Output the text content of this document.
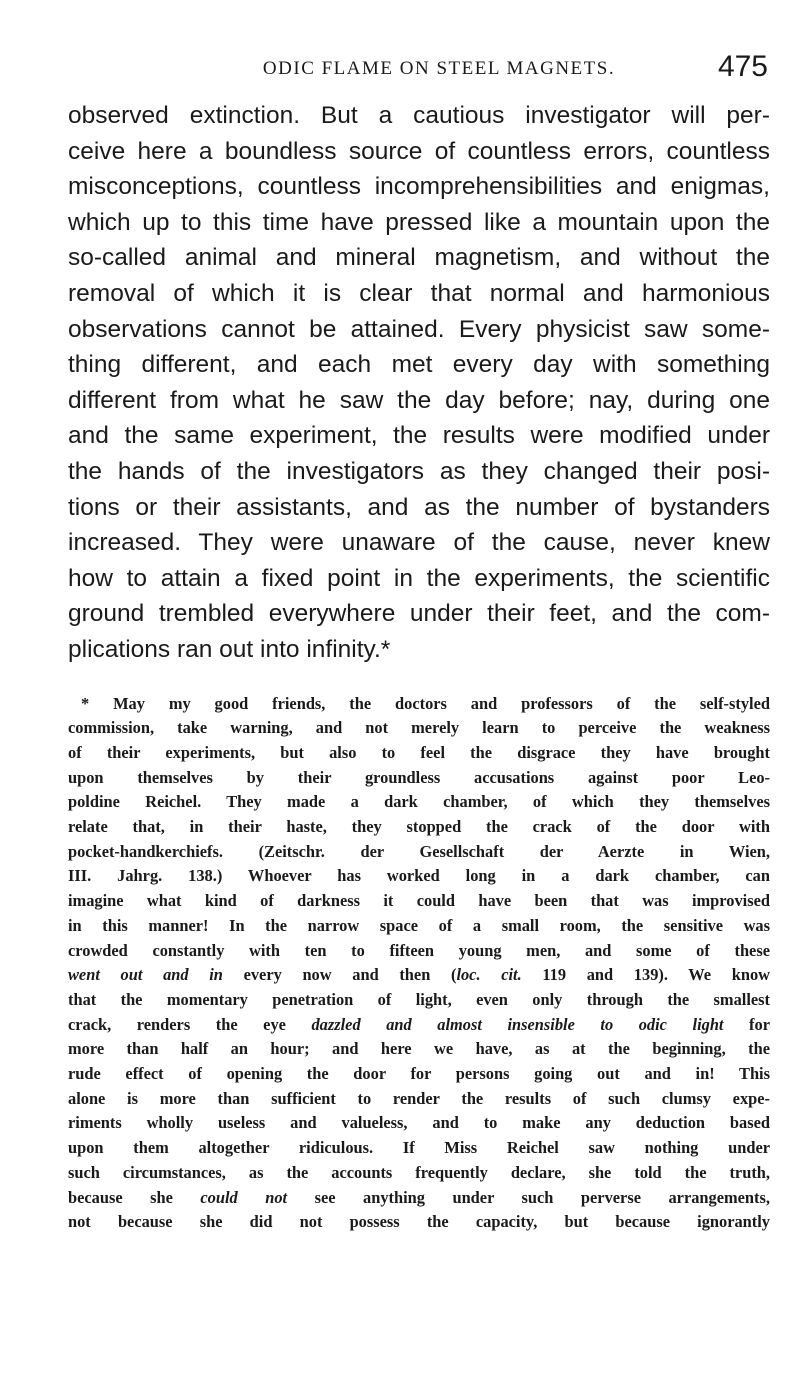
ODIC FLAME ON STEEL MAGNETS.	475
observed extinction. But a cautious investigator will per-
ceive here a boundless source of countless errors, countless
misconceptions, countless incomprehensibilities and enigmas,
which up to this time have pressed like a mountain upon the
so-called animal and mineral magnetism, and without the
removal of which it is clear that normal and harmonious
observations cannot be attained. Every physicist saw some-
thing different, and each met every day with something
different from what he saw the day before; nay, during one
and the same experiment, the results were modified under
the hands of the investigators as they changed their posi-
tions or their assistants, and as the number of bystanders
increased. They were unaware of the cause, never knew
how to attain a fixed point in the experiments, the scientific
ground trembled everywhere under their feet, and the com-
plications ran out into infinity.*
* May my good friends, the doctors and professors of the self-styled
commission, take warning, and not merely learn to perceive the weakness
of their experiments, but also to feel the disgrace they have brought
upon themselves by their groundless accusations against poor Leo-
poldine Reichel. They made a dark chamber, of which they themselves
relate that, in their haste, they stopped the crack of the door with
pocket-handkerchiefs. (Zeitschr. der Gesellschaft der Aerzte in Wien,
III. Jahrg. 138.) Whoever has worked long in a dark chamber, can
imagine what kind of darkness it could have been that was improvised
in this manner! In the narrow space of a small room, the sensitive was
crowded constantly with ten to fifteen young men, and some of these
went out and in every now and then (loc. cit. 119 and 139). We know
that the momentary penetration of light, even only through the smallest
crack, renders the eye dazzled and almost insensible to odic light for
more than half an hour; and here we have, as at the beginning, the
rude effect of opening the door for persons going out and in! This
alone is more than sufficient to render the results of such clumsy expe-
riments wholly useless and valueless, and to make any deduction based
upon them altogether ridiculous. If Miss Reichel saw nothing under
such circumstances, as the accounts frequently declare, she told the truth,
because she could not see anything under such perverse arrangements,
not because she did not possess the capacity, but because ignorantly
